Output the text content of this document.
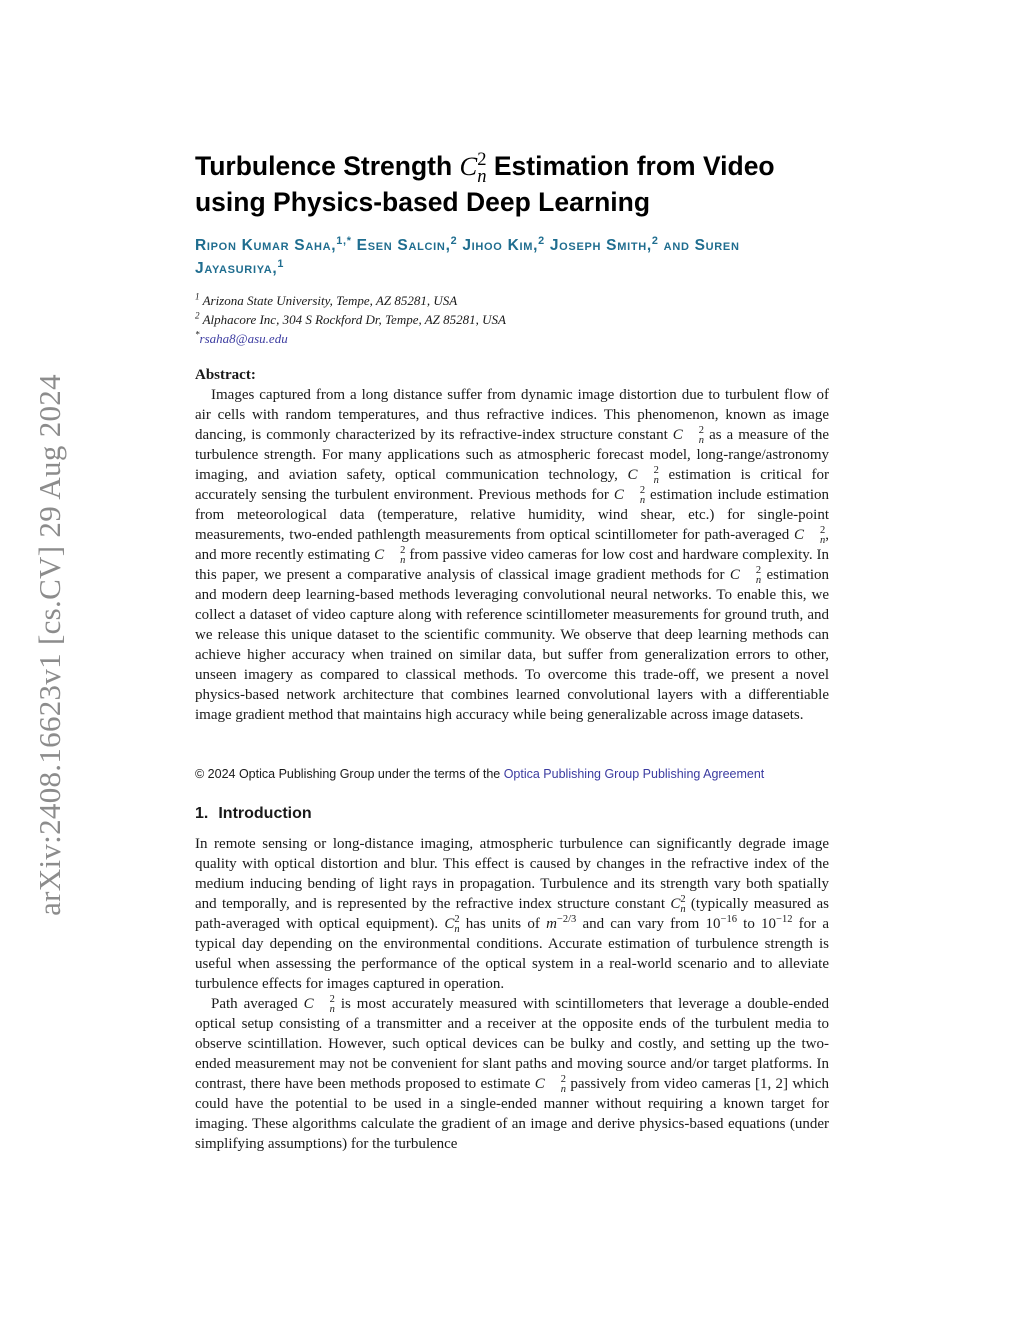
arXiv:2408.16623v1 [cs.CV] 29 Aug 2024
Turbulence Strength C 2
n Estimation from Video
using Physics-based Deep Learning

Ripon Kumar Saha,$^{1,*}$ Esen Salcin,$^2$ Jihoo Kim,$^2$ Joseph Smith,$^2$ and Suren Jayasuriya,$^1$

$^1$ Arizona State University, Tempe, AZ 85281, USA
$^2$ Alphacore Inc, 304 S Rockford Dr, Tempe, AZ 85281, USA
*rsaha8@asu.edu

Abstract:

Images captured from a long distance suffer from dynamic image distortion due to turbulent flow of air cells with random temperatures, and thus refractive indices. This phenomenon, known as image dancing, is commonly characterized by its refractive-index structure constant C	2
n as a measure of the turbulence strength. For many applications such as atmospheric forecast model, long-range/astronomy imaging, and aviation safety, optical communication technology, C	2
n estimation is critical for accurately sensing the turbulent environment. Previous methods for C	2
n estimation include estimation from meteorological data (temperature, relative humidity, wind shear, etc.) for single-point measurements, two-ended pathlength measurements from optical scintillometer for path-averaged C	2
n , and more recently estimating C	2
n from passive video cameras for low cost and hardware complexity. In this paper, we present a comparative analysis of classical image gradient methods for C	2
n estimation and modern deep learning-based methods leveraging convolutional neural networks. To enable this, we collect a dataset of video capture along with reference scintillometer measurements for ground truth, and we release this unique dataset to the scientific community. We observe that deep learning methods can achieve higher accuracy when trained on similar data, but suffer from generalization errors to other, unseen imagery as compared to classical methods. To overcome this trade-off, we present a novel physics-based network architecture that combines learned convolutional layers with a differentiable image gradient method that maintains high accuracy while being generalizable across image datasets.

© 2024 Optica Publishing Group under the terms of the Optica Publishing Group Publishing Agreement

1. Introduction

In remote sensing or long-distance imaging, atmospheric turbulence can significantly degrade image quality with optical distortion and blur. This effect is caused by changes in the refractive index of the medium inducing bending of light rays in propagation. Turbulence and its strength vary both spatially and temporally, and is represented by the refractive index structure constant C 2
n (typically measured as path-averaged with optical equipment). C 2
n has units of $m^{-2/3}$ and can vary from $10^{-16}$ to $10^{-12}$ for a typical day depending on the environmental conditions. Accurate estimation of turbulence strength is useful when assessing the performance of the optical system in a real-world scenario and to alleviate turbulence effects for images captured in operation.

Path averaged C	2
n is most accurately measured with scintillometers that leverage a double-ended optical setup consisting of a transmitter and a receiver at the opposite ends of the turbulent media to observe scintillation. However, such optical devices can be bulky and costly, and setting up the two-ended measurement may not be convenient for slant paths and moving source and/or target platforms. In contrast, there have been methods proposed to estimate C	2
n passively from video cameras [1, 2] which could have the potential to be used in a single-ended manner without requiring a known target for imaging. These algorithms calculate the gradient of an image and derive physics-based equations (under simplifying assumptions) for the turbulence
